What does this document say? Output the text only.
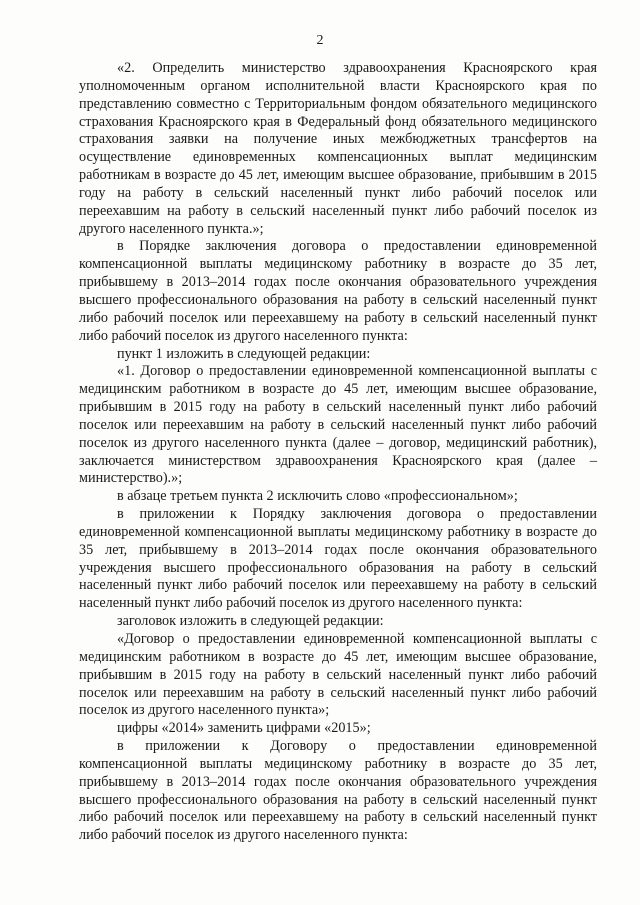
2

«2. Определить министерство здравоохранения Красноярского края уполномоченным органом исполнительной власти Красноярского края по представлению совместно с Территориальным фондом обязательного медицинского страхования Красноярского края в Федеральный фонд обязательного медицинского страхования заявки на получение иных межбюджетных трансфертов на осуществление единовременных компенсационных выплат медицинским работникам в возрасте до 45 лет, имеющим высшее образование, прибывшим в 2015 году на работу в сельский населенный пункт либо рабочий поселок или переехавшим на работу в сельский населенный пункт либо рабочий поселок из другого населенного пункта.»;

в Порядке заключения договора о предоставлении единовременной компенсационной выплаты медицинскому работнику в возрасте до 35 лет, прибывшему в 2013–2014 годах после окончания образовательного учреждения высшего профессионального образования на работу в сельский населенный пункт либо рабочий поселок или переехавшему на работу в сельский населенный пункт либо рабочий поселок из другого населенного пункта:

пункт 1 изложить в следующей редакции:

«1. Договор о предоставлении единовременной компенсационной выплаты с медицинским работником в возрасте до 45 лет, имеющим высшее образование, прибывшим в 2015 году на работу в сельский населенный пункт либо рабочий поселок или переехавшим на работу в сельский населенный пункт либо рабочий поселок из другого населенного пункта (далее – договор, медицинский работник), заключается министерством здравоохранения Красноярского края (далее – министерство).»;

в абзаце третьем пункта 2 исключить слово «профессиональном»;

в приложении к Порядку заключения договора о предоставлении единовременной компенсационной выплаты медицинскому работнику в возрасте до 35 лет, прибывшему в 2013–2014 годах после окончания образовательного учреждения высшего профессионального образования на работу в сельский населенный пункт либо рабочий поселок или переехавшему на работу в сельский населенный пункт либо рабочий поселок из другого населенного пункта:

заголовок изложить в следующей редакции:

«Договор о предоставлении единовременной компенсационной выплаты с медицинским работником в возрасте до 45 лет, имеющим высшее образование, прибывшим в 2015 году на работу в сельский населенный пункт либо рабочий поселок или переехавшим на работу в сельский населенный пункт либо рабочий поселок из другого населенного пункта»;

цифры «2014» заменить цифрами «2015»;

в приложении к Договору о предоставлении единовременной компенсационной выплаты медицинскому работнику в возрасте до 35 лет, прибывшему в 2013–2014 годах после окончания образовательного учреждения высшего профессионального образования на работу в сельский населенный пункт либо рабочий поселок или переехавшему на работу в сельский населенный пункт либо рабочий поселок из другого населенного пункта:
